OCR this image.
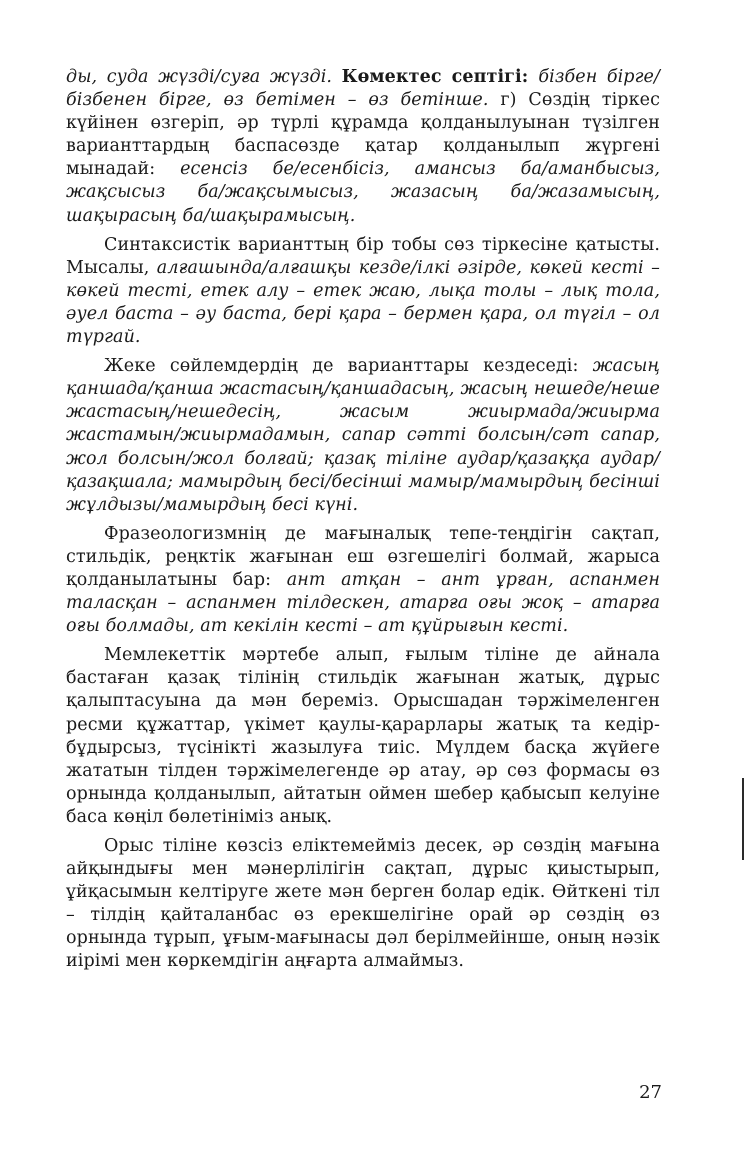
ды, суда жүзді/суға жүзді. Көмектес септігі: бізбен бірге/бізбенен бірге, өз бетімен – өз бетінше. г) Сөздің тіркес күйінен өзгеріп, әр түрлі құрамда қолданылуынан түзілген варианттардың баспасөзде қатар қолданылып жүргені мынадай: есенсіз бе/есенбісіз, амансыз ба/аманбысыз, жақсысыз ба/жақсымысыз, жазасың ба/жазамысың, шақырасың ба/шақырамысың.

Синтаксистік варианттың бір тобы сөз тіркесіне қатысты. Мысалы, алғашында/алғашқы кезде/ілкі әзірде, көкей кесті – көкей тесті, етек алу – етек жаю, лықа толы – лық тола, әуел баста – әу баста, бері қара – бермен қара, ол түгіл – ол түргай.

Жеке сөйлемдердің де варианттары кездеседі: жасың қаншада/қанша жастасың/қаншадасың, жасың нешеде/неше жастасың/нешедесің, жасым жиырмада/жиырма жастамын/жиырмадамын, сапар сәтті болсын/сәт сапар, жол болсын/жол болғай; қазақ тіліне аудар/қазаққа аудар/қазақшала; мамырдың бесі/бесінші мамыр/мамырдың бесінші жұлдызы/мамырдың бесі күні.

Фразеологизмнің де мағыналық тепе-теңдігін сақтап, стильдік, реңктік жағынан еш өзгешелігі болмай, жарыса қолданылатыны бар: ант атқан – ант ұрған, аспанмен таласқан – аспанмен тілдескен, атарға оғы жоқ – атарға оғы болмады, ат кекілін кесті – ат құйрығын кесті.

Мемлекеттік мәртебе алып, ғылым тіліне де айнала бастаған қазақ тілінің стильдік жағынан жатық, дұрыс қалыптасуына да мән береміз. Орысшадан тәржімеленген ресми құжаттар, үкімет қаулы-қарарлары жатық та кедір-бұдырсыз, түсінікті жазылуға тиіс. Мүлдем басқа жүйеге жататын тілден тәржімелегенде әр атау, әр сөз формасы өз орнында қолданылып, айтатын оймен шебер қабысып келуіне баса көңіл бөлетініміз анық.

Орыс тіліне көзсіз еліктемейміз десек, әр сөздің мағына айқындығы мен мәнерлілігін сақтап, дұрыс қиыстырып, ұйқасымын келтіруге жете мән берген болар едік. Өйткені тіл – тілдің қайталанбас өз ерекшелігіне орай әр сөздің өз орнында тұрып, ұғым-мағынасы дәл берілмейінше, оның нәзік иірімі мен көркемдігін аңғарта алмаймыз.

27
